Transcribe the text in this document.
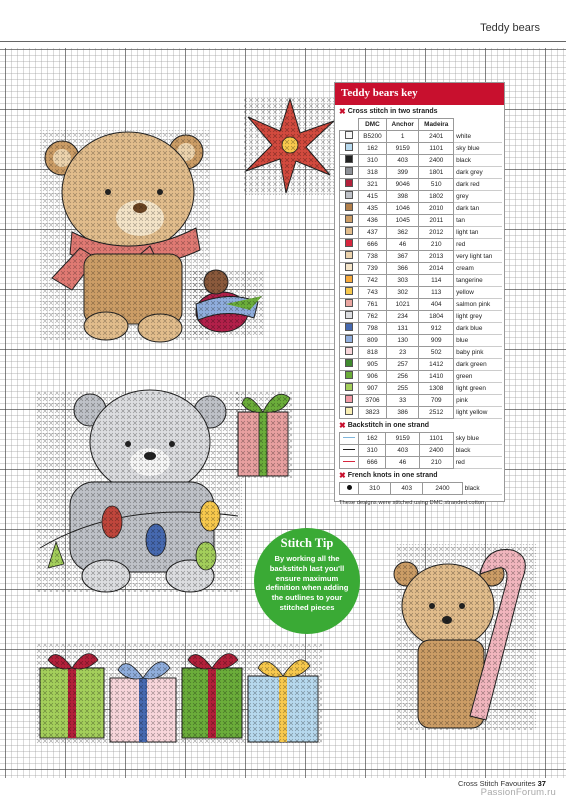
Teddy bears
Teddy bears key
✖ Cross stitch in two strands
	DMC	Anchor	Madeira	
	B5200	1	2401	white
	162	9159	1101	sky blue
	310	403	2400	black
	318	399	1801	dark grey
	321	9046	510	dark red
	415	398	1802	grey
	435	1046	2010	dark tan
	436	1045	2011	tan
	437	362	2012	light tan
	666	46	210	red
	738	367	2013	very light tan
	739	366	2014	cream
	742	303	114	tangerine
	743	302	113	yellow
	761	1021	404	salmon pink
	762	234	1804	light grey
	798	131	912	dark blue
	809	130	909	blue
	818	23	502	baby pink
	905	257	1412	dark green
	906	256	1410	green
	907	255	1308	light green
	3706	33	709	pink
	3823	386	2512	light yellow
✖ Backstitch in one strand
	162	9159	1101	sky blue
	310	403	2400	black
	666	46	210	red
✖ French knots in one strand
	310	403	2400	black
These designs were stitched using DMC stranded cotton
Stitch Tip
By working all the backstitch last you'll ensure maximum definition when adding the outlines to your stitched pieces
Cross Stitch Favourites 37
PassionForum.ru
